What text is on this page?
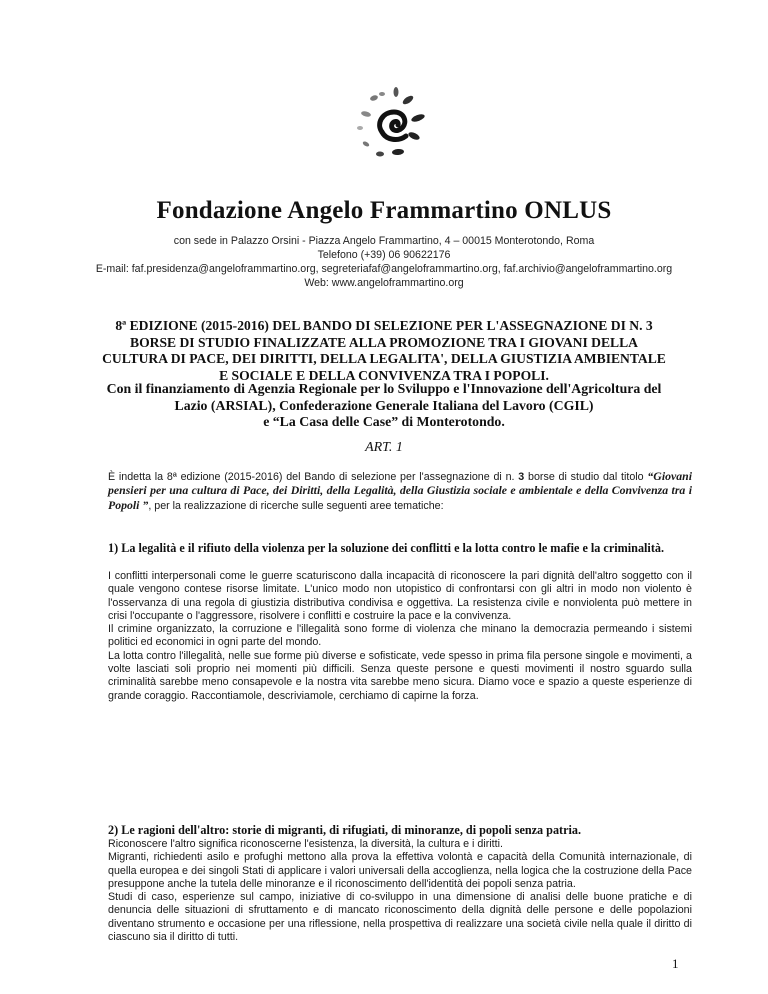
Fondazione Angelo Frammartino ONLUS
con sede in Palazzo Orsini - Piazza Angelo Frammartino, 4 – 00015 Monterotondo, Roma
Telefono (+39) 06 90622176
E-mail: faf.presidenza@angeloframmartino.org, segreteriafaf@angeloframmartino.org, faf.archivio@angeloframmartino.org
Web: www.angeloframmartino.org
8ª EDIZIONE (2015-2016) DEL BANDO DI SELEZIONE PER L'ASSEGNAZIONE DI N. 3
BORSE DI STUDIO FINALIZZATE ALLA PROMOZIONE TRA I GIOVANI DELLA
CULTURA DI PACE, DEI DIRITTI, DELLA LEGALITA', DELLA GIUSTIZIA AMBIENTALE
E SOCIALE E DELLA CONVIVENZA TRA I POPOLI.
Con il finanziamento di Agenzia Regionale per lo Sviluppo e l'Innovazione dell'Agricoltura del
Lazio (ARSIAL), Confederazione Generale Italiana del Lavoro (CGIL)
e “La Casa delle Case” di Monterotondo.
ART. 1
È indetta la 8ª edizione (2015-2016) del Bando di selezione per l'assegnazione di n. 3 borse di studio dal titolo “Giovani pensieri per una cultura di Pace, dei Diritti, della Legalità, della Giustizia sociale e ambientale e della Convivenza tra i Popoli ”, per la realizzazione di ricerche sulle seguenti aree tematiche:
1) La legalità e il rifiuto della violenza per la soluzione dei conflitti e la lotta contro le mafie e la criminalità.

I conflitti interpersonali come le guerre scaturiscono dalla incapacità di riconoscere la pari dignità dell'altro soggetto con il quale vengono contese risorse limitate. L'unico modo non utopistico di confrontarsi con gli altri in modo non violento è l'osservanza di una regola di giustizia distributiva condivisa e oggettiva. La resistenza civile e nonviolenta può mettere in crisi l'occupante o l'aggressore, risolvere i conflitti e costruire la pace e la convivenza.

Il crimine organizzato, la corruzione e l'illegalità sono forme di violenza che minano la democrazia permeando i sistemi politici ed economici in ogni parte del mondo.

La lotta contro l'illegalità, nelle sue forme più diverse e sofisticate, vede spesso in prima fila persone singole e movimenti, a volte lasciati soli proprio nei momenti più difficili. Senza queste persone e questi movimenti il nostro sguardo sulla criminalità sarebbe meno consapevole e la nostra vita sarebbe meno sicura. Diamo voce e spazio a queste esperienze di grande coraggio. Raccontiamole, descriviamole, cerchiamo di capirne la forza.

2) Le ragioni dell'altro: storie di migranti, di rifugiati, di minoranze, di popoli senza patria.

Riconoscere l'altro significa riconoscerne l'esistenza, la diversità, la cultura e i diritti.

Migranti, richiedenti asilo e profughi mettono alla prova la effettiva volontà e capacità della Comunità internazionale, di quella europea e dei singoli Stati di applicare i valori universali della accoglienza, nella logica che la costruzione della Pace presuppone anche la tutela delle minoranze e il riconoscimento dell'identità dei popoli senza patria.

Studi di caso, esperienze sul campo, iniziative di co-sviluppo in una dimensione di analisi delle buone pratiche e di denuncia delle situazioni di sfruttamento e di mancato riconoscimento della dignità delle persone e delle popolazioni diventano strumento e occasione per una riflessione, nella prospettiva di realizzare una società civile nella quale il diritto di ciascuno sia il diritto di tutti.

1
